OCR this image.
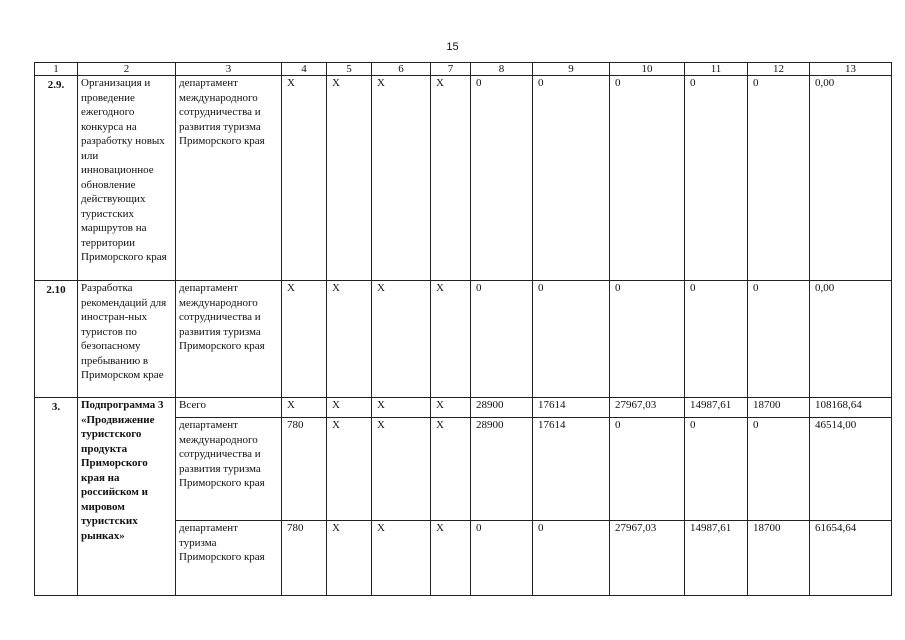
15
1	2	3	4	5	6	7	8	9	10	11	12	13
2.9.	Организация и проведение ежегодного конкурса на разработку новых или инновационное обновление действующих туристских маршрутов на территории Приморского края	департамент международного сотрудничества и развития туризма Приморского края	X	X	X	X	0	0	0	0	0	0,00
2.10	Разработка рекомендаций для иностран-ных туристов по безопасному пребыванию в Приморском крае	департамент международного сотрудничества и развития туризма Приморского края	X	X	X	X	0	0	0	0	0	0,00
3.	Подпрограмма 3 «Продвижение туристского продукта Приморского края на российском и мировом туристских рынках»	Всего	X	X	X	X	28900	17614	27967,03	14987,61	18700	108168,64
		департамент международного сотрудничества и развития туризма Приморского края	780	X	X	X	28900	17614	0	0	0	46514,00
		департамент туризма Приморского края	780	X	X	X	0	0	27967,03	14987,61	18700	61654,64
